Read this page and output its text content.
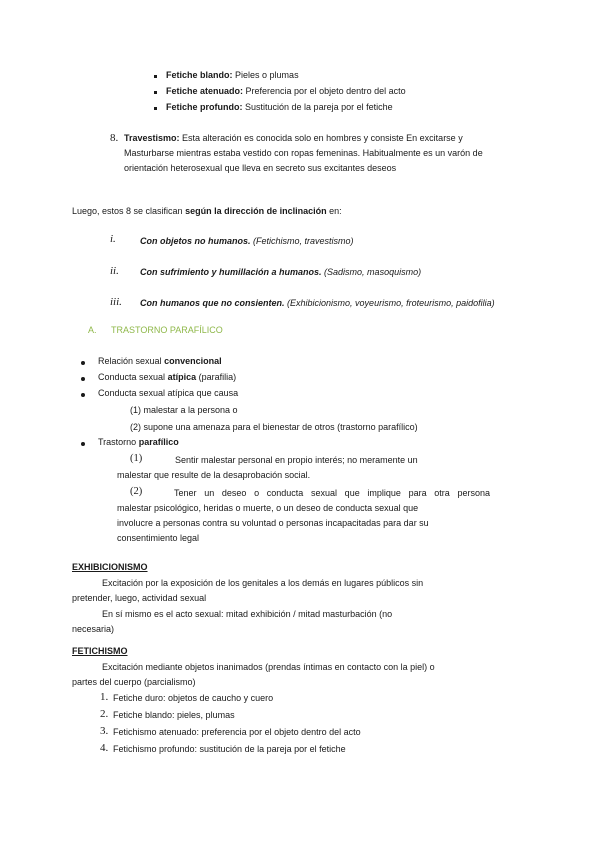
Fetiche blando: Pieles o plumas
Fetiche atenuado: Preferencia por el objeto dentro del acto
Fetiche profundo: Sustitución de la pareja por el fetiche
8. Travestismo: Esta alteración es conocida solo en hombres y consiste En excitarse y
Masturbarse mientras estaba vestido con ropas femeninas. Habitualmente es un varón de
orientación heterosexual que lleva en secreto sus excitantes deseos
Luego, estos 8 se clasifican según la dirección de inclinación en:
i.	Con objetos no humanos. (Fetichismo, travestismo)
ii. Con sufrimiento y humillación a humanos. (Sadismo, masoquismo)
iii. Con humanos que no consienten. (Exhibicionismo, voyeurismo, froteurismo, paidofilia)
A. TRASTORNO PARAFÍLICO
Relación sexual convencional
Conducta sexual atípica (parafilia)
Conducta sexual atípica que causa
(1) malestar a la persona o
(2) supone una amenaza para el bienestar de otros (trastorno parafílico)
Trastorno parafílico
(1)	Sentir malestar personal en propio interés; no meramente un
malestar que resulte de la desaprobación social.
(2)	Tener un deseo o conducta sexual que implique para otra persona
malestar psicológico, heridas o muerte, o un deseo de conducta sexual que
involucre a personas contra su voluntad o personas incapacitadas para dar su
consentimiento legal
EXHIBICIONISMO
Excitación por la exposición de los genitales a los demás en lugares públicos sin
pretender, luego, actividad sexual
En sí mismo es el acto sexual: mitad exhibición / mitad masturbación (no
necesaria)
FETICHISMO
Excitación mediante objetos inanimados (prendas íntimas en contacto con la piel) o
partes del cuerpo (parcialismo)
1. Fetiche duro: objetos de caucho y cuero
2. Fetiche blando: pieles, plumas
3. Fetichismo atenuado: preferencia por el objeto dentro del acto
4. Fetichismo profundo: sustitución de la pareja por el fetiche
